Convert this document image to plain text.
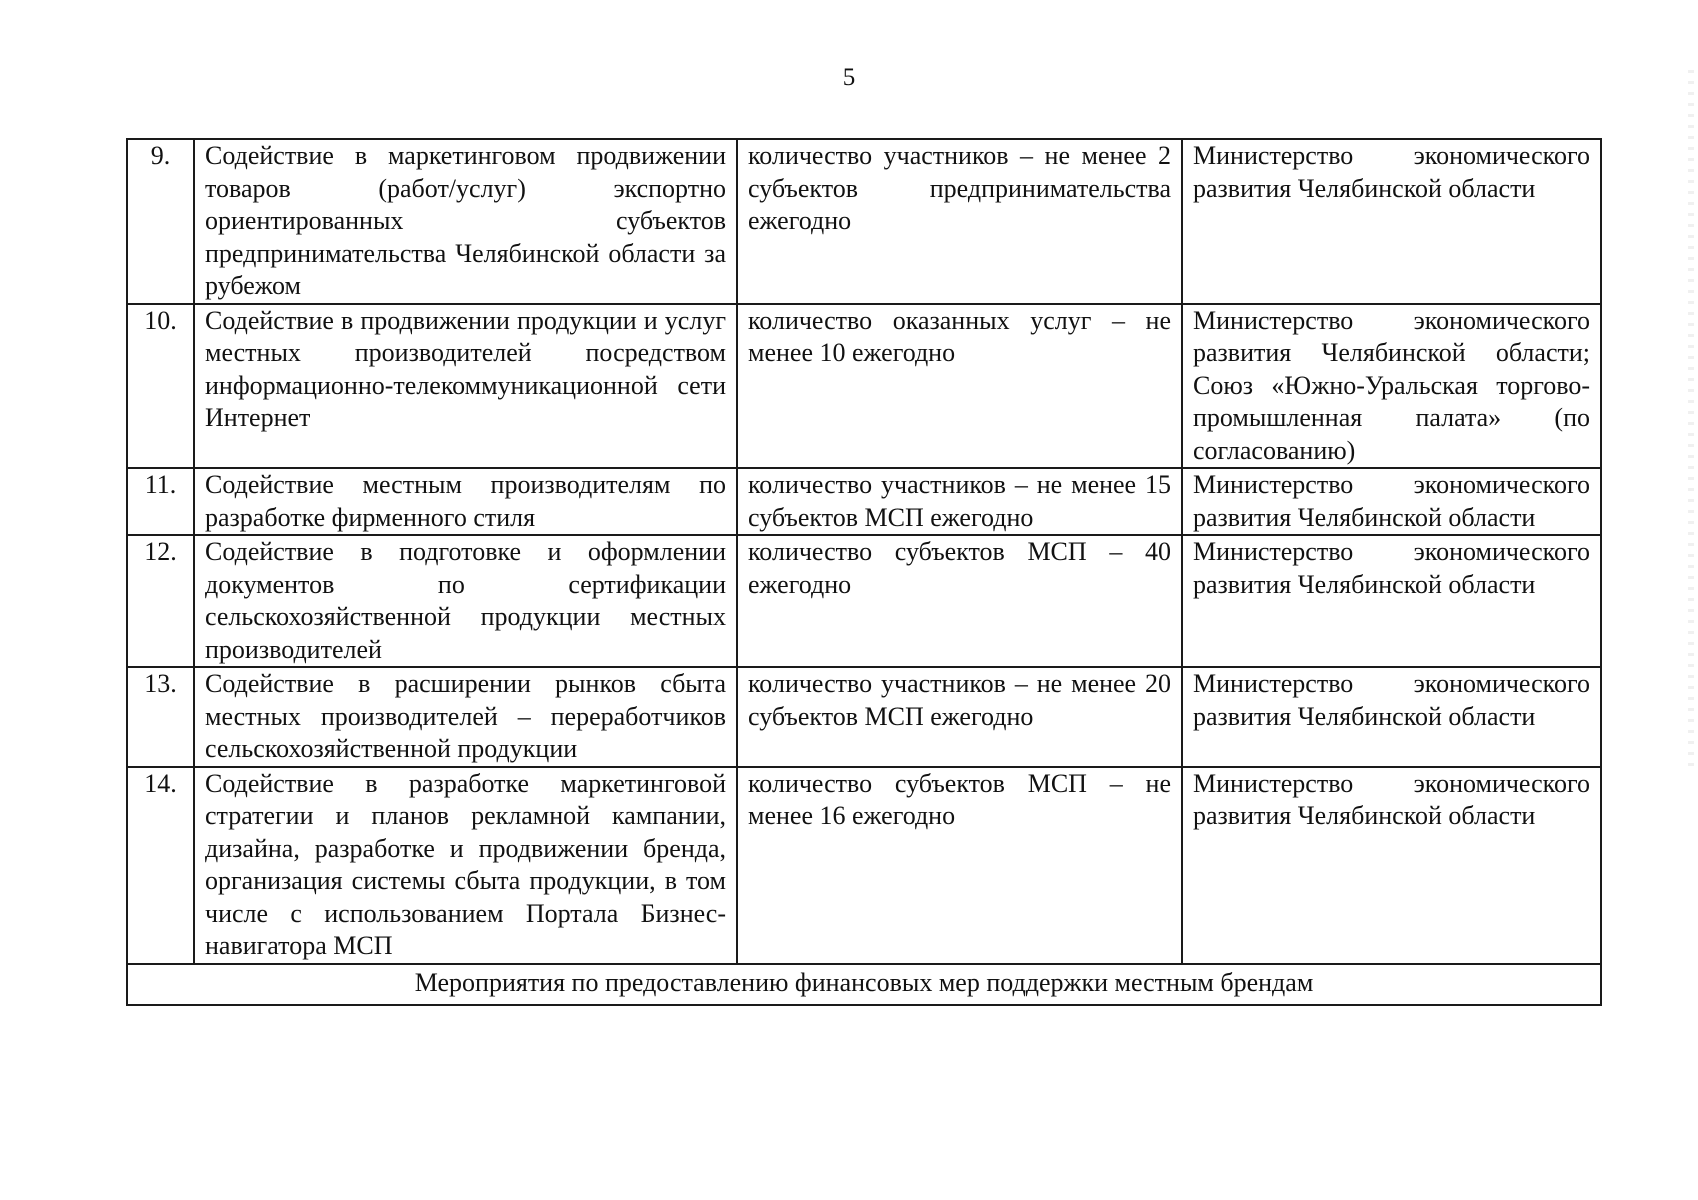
5
9.	Содействие в маркетинговом продвижении товаров (работ/услуг) экспортно ориентированных субъектов предпринимательства Челябинской области за рубежом	количество участников – не менее 2 субъектов предпринимательства ежегодно	Министерство экономического развития Челябинской области
10.	Содействие в продвижении продукции и услуг местных производителей посредством информационно-телекоммуникационной сети Интернет	количество оказанных услуг – не менее 10 ежегодно	Министерство экономического развития Челябинской области; Союз «Южно-Уральская торгово-промышленная палата» (по согласованию)
11.	Содействие местным производителям по разработке фирменного стиля	количество участников – не менее 15 субъектов МСП ежегодно	Министерство экономического развития Челябинской области
12.	Содействие в подготовке и оформлении документов по сертификации сельскохозяйственной продукции местных производителей	количество субъектов МСП – 40 ежегодно	Министерство экономического развития Челябинской области
13.	Содействие в расширении рынков сбыта местных производителей – переработчиков сельскохозяйственной продукции	количество участников – не менее 20 субъектов МСП ежегодно	Министерство экономического развития Челябинской области
14.	Содействие в разработке маркетинговой стратегии и планов рекламной кампании, дизайна, разработке и продвижении бренда, организация системы сбыта продукции, в том числе с использованием Портала Бизнес-навигатора МСП	количество субъектов МСП – не менее 16 ежегодно	Министерство экономического развития Челябинской области
Мероприятия по предоставлению финансовых мер поддержки местным брендам			
